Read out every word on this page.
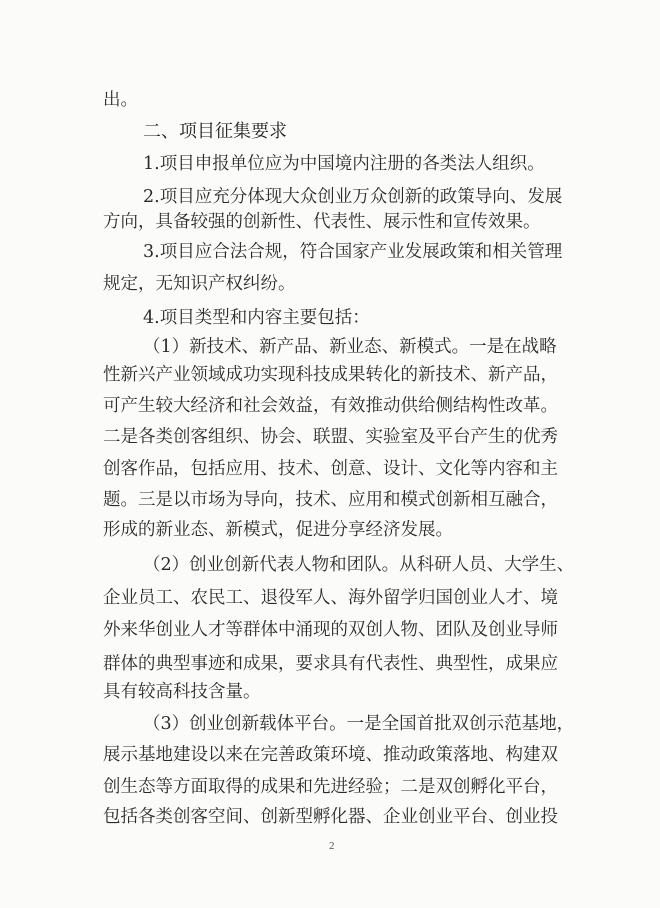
出。

二、项目征集要求

1.项目申报单位应为中国境内注册的各类法人组织。

2.项目应充分体现大众创业万众创新的政策导向、发展

方向，具备较强的创新性、代表性、展示性和宣传效果。

3.项目应合法合规，符合国家产业发展政策和相关管理

规定，无知识产权纠纷。

4.项目类型和内容主要包括：

（1）新技术、新产品、新业态、新模式。一是在战略

性新兴产业领域成功实现科技成果转化的新技术、新产品，

可产生较大经济和社会效益，有效推动供给侧结构性改革。

二是各类创客组织、协会、联盟、实验室及平台产生的优秀

创客作品，包括应用、技术、创意、设计、文化等内容和主

题。三是以市场为导向，技术、应用和模式创新相互融合，

形成的新业态、新模式，促进分享经济发展。

（2）创业创新代表人物和团队。从科研人员、大学生、

企业员工、农民工、退役军人、海外留学归国创业人才、境

外来华创业人才等群体中涌现的双创人物、团队及创业导师

群体的典型事迹和成果，要求具有代表性、典型性，成果应

具有较高科技含量。

（3）创业创新载体平台。一是全国首批双创示范基地，

展示基地建设以来在完善政策环境、推动政策落地、构建双

创生态等方面取得的成果和先进经验；二是双创孵化平台，

包括各类创客空间、创新型孵化器、企业创业平台、创业投

2
